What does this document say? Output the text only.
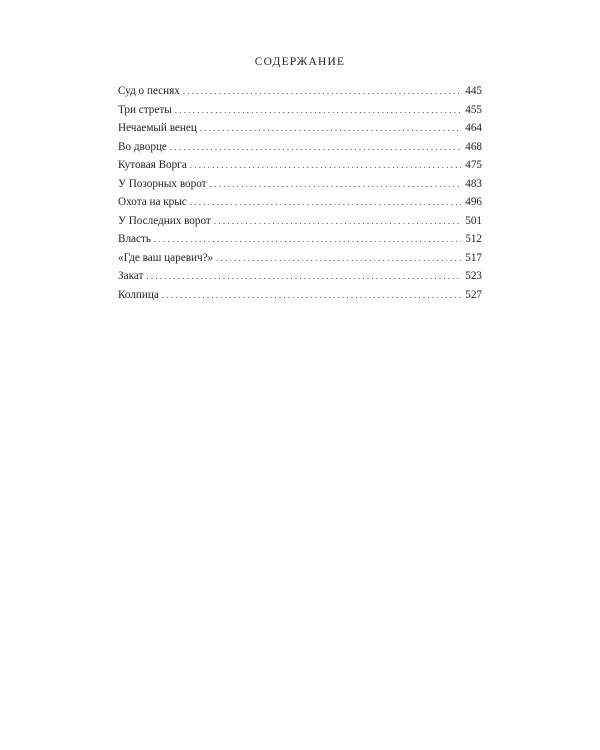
СОДЕРЖАНИЕ
Суд о песнях . . .	445
Три стреты . . .	455
Нечаемый венец . . .	464
Во дворце . . .	468
Кутовая Ворга . . .	475
У Позорных ворот . . .	483
Охота на крыс . . .	496
У Последних ворот . . .	501
Власть . . .	512
«Где ваш царевич?» . . .	517
Закат . . .	523
Колпица . . .	527
